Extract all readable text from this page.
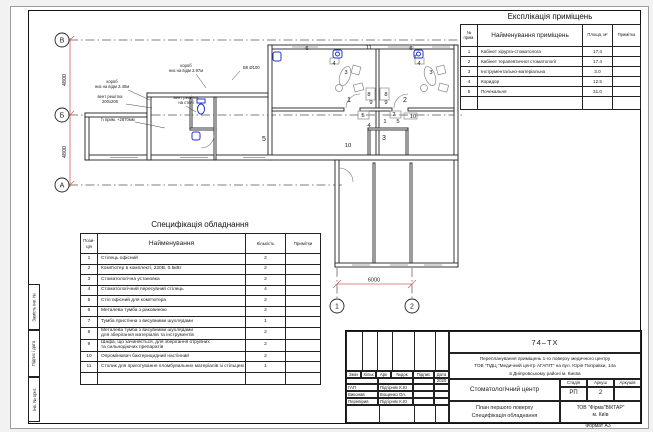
4800
4800
6000
В
Б
А
1	2
короб
низ на відм 2.97м
ВК Ø100
короб
низ на відм 2.40м
вент решітка
200х200
вент решітка
на стелі
h прим. +2870мм
6	11	6
7
4
3
4
3
8
9
8
9
1	2
5	2 10
1
4
5
3
10
5
Експлікація приміщень
№ прим.	Найменування приміщень	Площа, м²	Примітка
1	Кабінет хірурга-стоматолога	17.4	
2	Кабінет терапевтичної стоматології	17.4	
3	Інструментально-матеріальна	3.0	
4	Коридор	12.5	
5	Почекальня	31.0	

Специфікація обладнання
Пози-ція	Найменування	Кількість	Примітки
1	Стілець офісний	2	
2	Комп'ютер в комплекті, 220В, 0.5кВт	2	
3	Стоматологічна установка	2	
4	Стоматологічний пересувний стілець	4	
5	Стіл офісний для комп'ютера	2	
6	Металева тумба з раковиною	2	
7	Тумба пристінна з висувними шухлядами	1	
8	Металева тумба з висувними шухлядами
для зберігання матеріалів та інструментів	2	
9	Шафа, що зачиняється, для зберігання отруйних
та сильнодіючих препаратів	2	
10	Опромінювач бактерицидний настінний	2	
11	Столик для приготування пломбувальних матеріалів зі стільцем	1	

Змін	Кільк	Арк	№док	Підпис	Дата
2020
ГАП	Підгірняк К.Ю
Виконав	Вощенко Ол.
Перевірив	Підгірняк К.Ю
74–ТХ
Перепланування приміщень 1-го поверху медичного центру
ТОВ "ПДЦ "Медичний центр АГАПІТ" на вул. Юрія Поправки, 14а
в Дніпровському районі м. Києва
Стоматологічний центр
Стадія	Аркуш	Аркушів
РП	2
План першого поверху
Специфікація обладнання
ТОВ "Фірма"ВІКТАР"
м. Київ
Замість інв. №
Підпис і дата
Інв. № ориг.
Формат А3
